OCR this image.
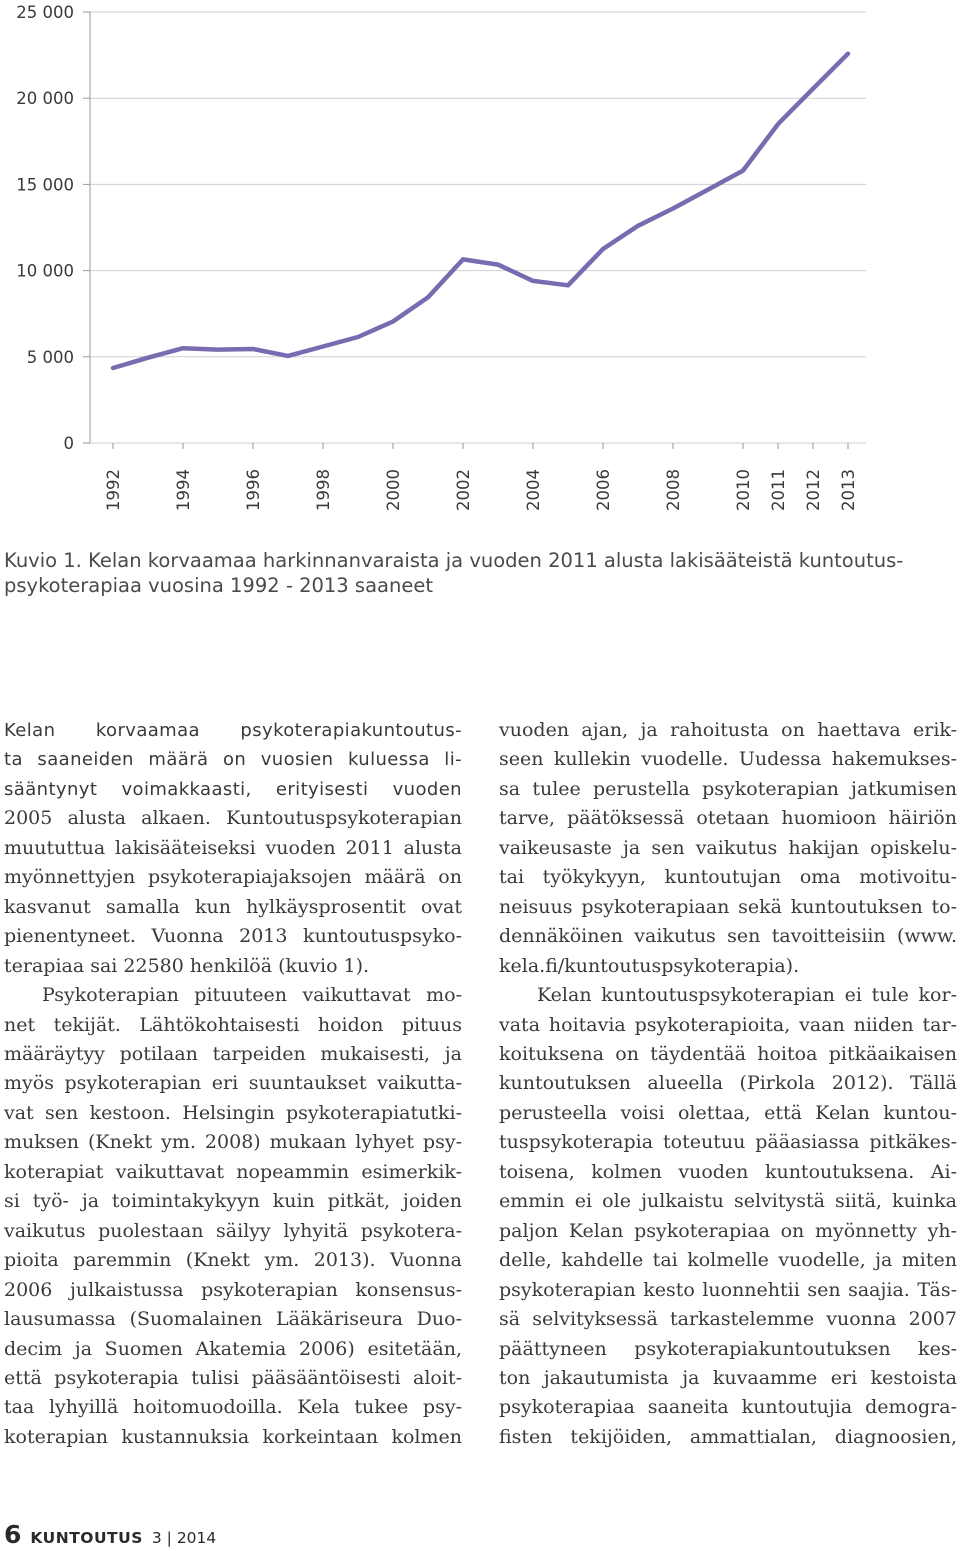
0
5 000
10 000
15 000
20 000
25 000
1992	1994	1996	1998	2000	2002	2004	2006	2008	2010 2011 2012 2013

Kuvio 1. Kelan korvaamaa harkinnanvaraista ja vuoden 2011 alusta lakisääteistä kuntoutus-
psykoterapiaa vuosina 1992 - 2013 saaneet

Kelan korvaamaa psykoterapiakuntoutus-
ta saaneiden määrä on vuosien kuluessa li-
sääntynyt voimakkaasti, erityisesti vuoden
2005 alusta alkaen. Kuntoutuspsykoterapian
muututtua lakisääteiseksi vuoden 2011 alusta
myönnettyjen psykoterapiajaksojen määrä on
kasvanut samalla kun hylkäysprosentit ovat
pienentyneet. Vuonna 2013 kuntoutuspsyko-
terapiaa sai 22580 henkilöä (kuvio 1).
Psykoterapian pituuteen vaikuttavat mo-
net tekijät. Lähtökohtaisesti hoidon pituus
määräytyy potilaan tarpeiden mukaisesti, ja
myös psykoterapian eri suuntaukset vaikutta-
vat sen kestoon. Helsingin psykoterapiatutki-
muksen (Knekt ym. 2008) mukaan lyhyet psy-
koterapiat vaikuttavat nopeammin esimerkik-
si työ- ja toimintakykyyn kuin pitkät, joiden
vaikutus puolestaan säilyy lyhyitä psykotera-
pioita paremmin (Knekt ym. 2013). Vuonna
2006 julkaistussa psykoterapian konsensus-
lausumassa (Suomalainen Lääkäriseura Duo-
decim ja Suomen Akatemia 2006) esitetään,
että psykoterapia tulisi pääsääntöisesti aloit-
taa lyhyillä hoitomuodoilla. Kela tukee psy-
koterapian kustannuksia korkeintaan kolmen
vuoden ajan, ja rahoitusta on haettava erik-
seen kullekin vuodelle. Uudessa hakemukses-
sa tulee perustella psykoterapian jatkumisen
tarve, päätöksessä otetaan huomioon häiriön
vaikeusaste ja sen vaikutus hakijan opiskelu-
tai työkykyyn, kuntoutujan oma motivoitu-
neisuus psykoterapiaan sekä kuntoutuksen to-
dennäköinen vaikutus sen tavoitteisiin (www.
kela.fi/kuntoutuspsykoterapia).
Kelan kuntoutuspsykoterapian ei tule kor-
vata hoitavia psykoterapioita, vaan niiden tar-
koituksena on täydentää hoitoa pitkäaikaisen
kuntoutuksen alueella (Pirkola 2012). Tällä
perusteella voisi olettaa, että Kelan kuntou-
tuspsykoterapia toteutuu pääasiassa pitkäkes-
toisena, kolmen vuoden kuntoutuksena. Ai-
emmin ei ole julkaistu selvitystä siitä, kuinka
paljon Kelan psykoterapiaa on myönnetty yh-
delle, kahdelle tai kolmelle vuodelle, ja miten
psykoterapian kesto luonnehtii sen saajia. Täs-
sä selvityksessä tarkastelemme vuonna 2007
päättyneen psykoterapiakuntoutuksen kes-
ton jakautumista ja kuvaamme eri kestoista
psykoterapiaa saaneita kuntoutujia demogra-
fisten tekijöiden, ammattialan, diagnoosien,
6 KUNTOUTUS 3 | 2014
